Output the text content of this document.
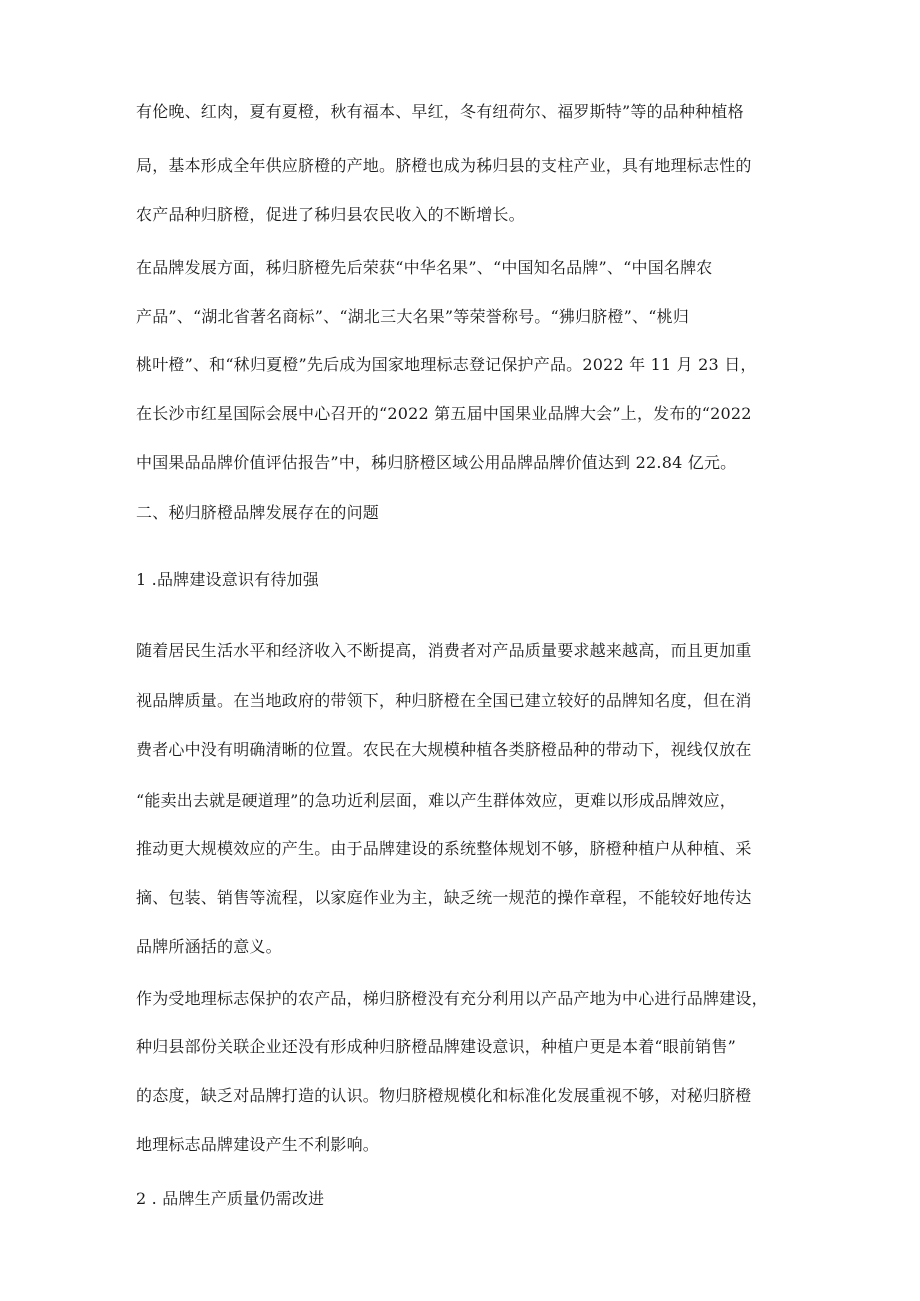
有伦晚、红肉，夏有夏橙，秋有福本、早红，冬有纽荷尔、福罗斯特”等的品种种植格
局，基本形成全年供应脐橙的产地。脐橙也成为秭归县的支柱产业，具有地理标志性的
农产品种归脐橙，促进了秭归县农民收入的不断增长。
在品牌发展方面，秭归脐橙先后荣获“中华名果”、“中国知名品牌”、“中国名牌农
产品”、“湖北省著名商标”、“湖北三大名果”等荣誉称号。“狒归脐橙”、“桃归
桃叶橙”、和“秫归夏橙”先后成为国家地理标志登记保护产品。2022 年 11 月 23 日，
在长沙市红星国际会展中心召开的“2022 第五届中国果业品牌大会”上，发布的“2022
中国果品品牌价值评估报告”中，秭归脐橙区域公用品牌品牌价值达到 22.84 亿元。
二、秘归脐橙品牌发展存在的问题
1 .品牌建设意识有待加强
随着居民生活水平和经济收入不断提高，消费者对产品质量要求越来越高，而且更加重
视品牌质量。在当地政府的带领下，种归脐橙在全国已建立较好的品牌知名度，但在消
费者心中没有明确清晰的位置。农民在大规模种植各类脐橙品种的带动下，视线仅放在
“能卖出去就是硬道理”的急功近利层面，难以产生群体效应，更难以形成品牌效应，
推动更大规模效应的产生。由于品牌建设的系统整体规划不够，脐橙种植户从种植、采
摘、包装、销售等流程，以家庭作业为主，缺乏统一规范的操作章程，不能较好地传达
品牌所涵括的意义。
作为受地理标志保护的农产品，梯归脐橙没有充分利用以产品产地为中心进行品牌建设，
种归县部份关联企业还没有形成种归脐橙品牌建设意识，种植户更是本着“眼前销售”
的态度，缺乏对品牌打造的认识。物归脐橙规模化和标准化发展重视不够，对秘归脐橙
地理标志品牌建设产生不利影响。
2 . 品牌生产质量仍需改进
